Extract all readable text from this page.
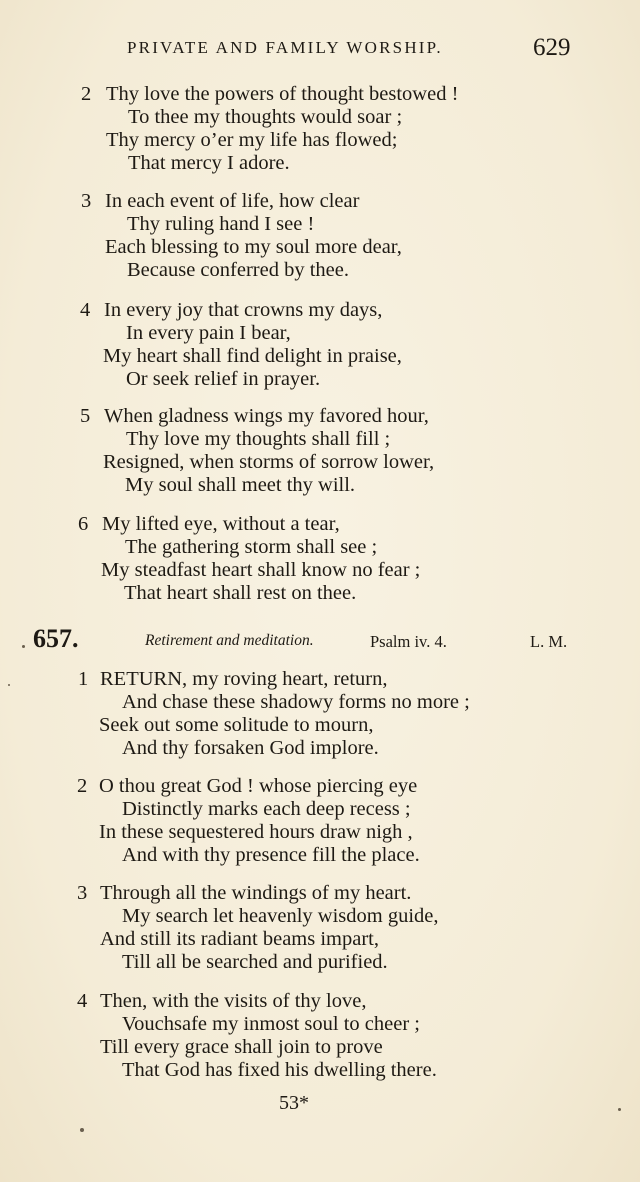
PRIVATE AND FAMILY WORSHIP.	629
2 Thy love the powers of thought bestowed !
To thee my thoughts would soar ;
Thy mercy o’er my life has flowed;
That mercy I adore.
3 In each event of life, how clear
Thy ruling hand I see !
Each blessing to my soul more dear,
Because conferred by thee.
4 In every joy that crowns my days,
In every pain I bear,
My heart shall find delight in praise,
Or seek relief in prayer.
5 When gladness wings my favored hour,
Thy love my thoughts shall fill ;
Resigned, when storms of sorrow lower,
My soul shall meet thy will.
6 My lifted eye, without a tear,
The gathering storm shall see ;
My steadfast heart shall know no fear ;
That heart shall rest on thee.
657.	Retirement and meditation.	Psalm iv. 4.	L. M.
1 RETURN, my roving heart, return,
And chase these shadowy forms no more ;
Seek out some solitude to mourn,
And thy forsaken God implore.
2 O thou great God ! whose piercing eye
Distinctly marks each deep recess ;
In these sequestered hours draw nigh ,
And with thy presence fill the place.
3 Through all the windings of my heart.
My search let heavenly wisdom guide,
And still its radiant beams impart,
Till all be searched and purified.
4 Then, with the visits of thy love,
Vouchsafe my inmost soul to cheer ;
Till every grace shall join to prove
That God has fixed his dwelling there.
53*
